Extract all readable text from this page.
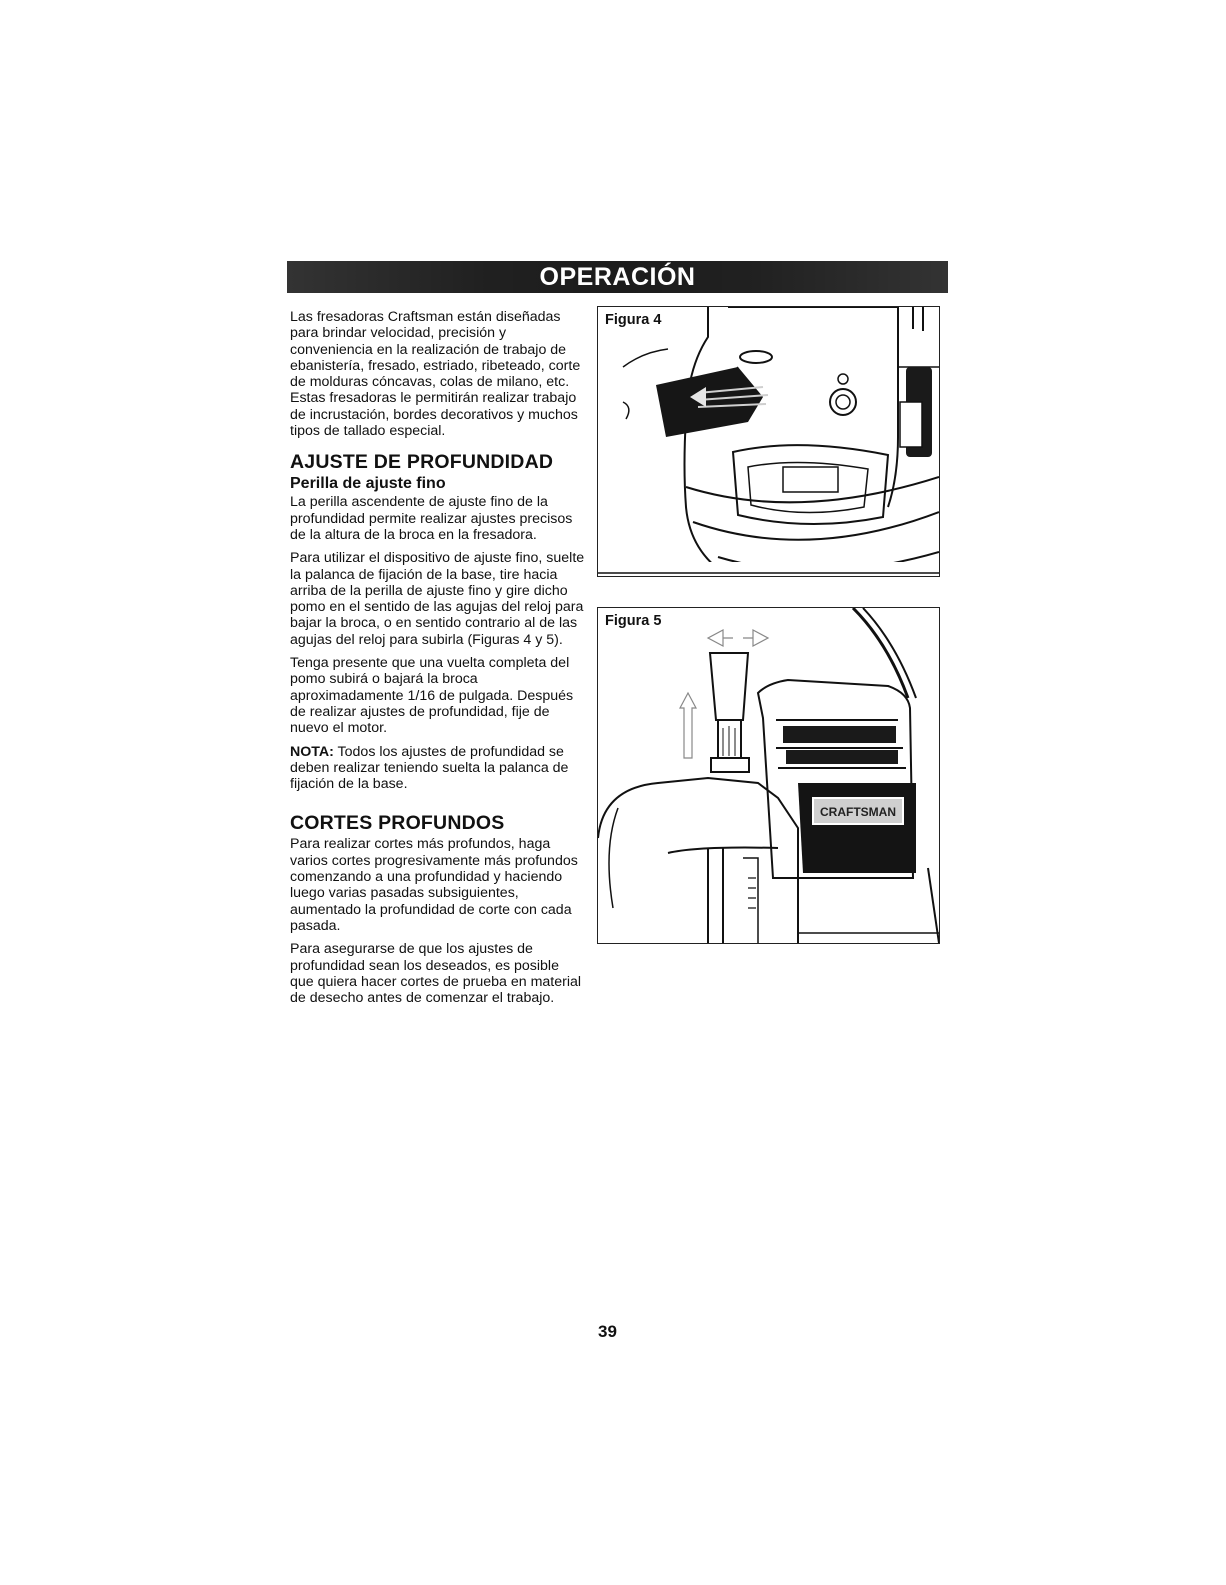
OPERACIÓN

Las fresadoras Craftsman están diseñadas para brindar velocidad, precisión y conveniencia en la realización de trabajo de ebanistería, fresado, estriado, ribeteado, corte de molduras cóncavas, colas de milano, etc. Estas fresadoras le permitirán realizar trabajo de incrustación, bordes decorativos y muchos tipos de tallado especial.

AJUSTE DE PROFUNDIDAD
Perilla de ajuste fino

La perilla ascendente de ajuste fino de la profundidad permite realizar ajustes precisos de la altura de la broca en la fresadora.

Para utilizar el dispositivo de ajuste fino, suelte la palanca de fijación de la base, tire hacia arriba de la perilla de ajuste fino y gire dicho pomo en el sentido de las agujas del reloj para bajar la broca, o en sentido contrario al de las agujas del reloj para subirla (Figuras 4 y 5).

Tenga presente que una vuelta completa del pomo subirá o bajará la broca aproximadamente 1/16 de pulgada. Después de realizar ajustes de profundidad, fije de nuevo el motor.

NOTA: Todos los ajustes de profundidad se deben realizar teniendo suelta la palanca de fijación de la base.

CORTES PROFUNDOS

Para realizar cortes más profundos, haga varios cortes progresivamente más profundos comenzando a una profundidad y haciendo luego varias pasadas subsiguientes, aumentado la profundidad de corte con cada pasada.

Para asegurarse de que los ajustes de profundidad sean los deseados, es posible que quiera hacer cortes de prueba en material de desecho antes de comenzar el trabajo.

Figura 4
Figura 5
CRAFTSMAN
39
